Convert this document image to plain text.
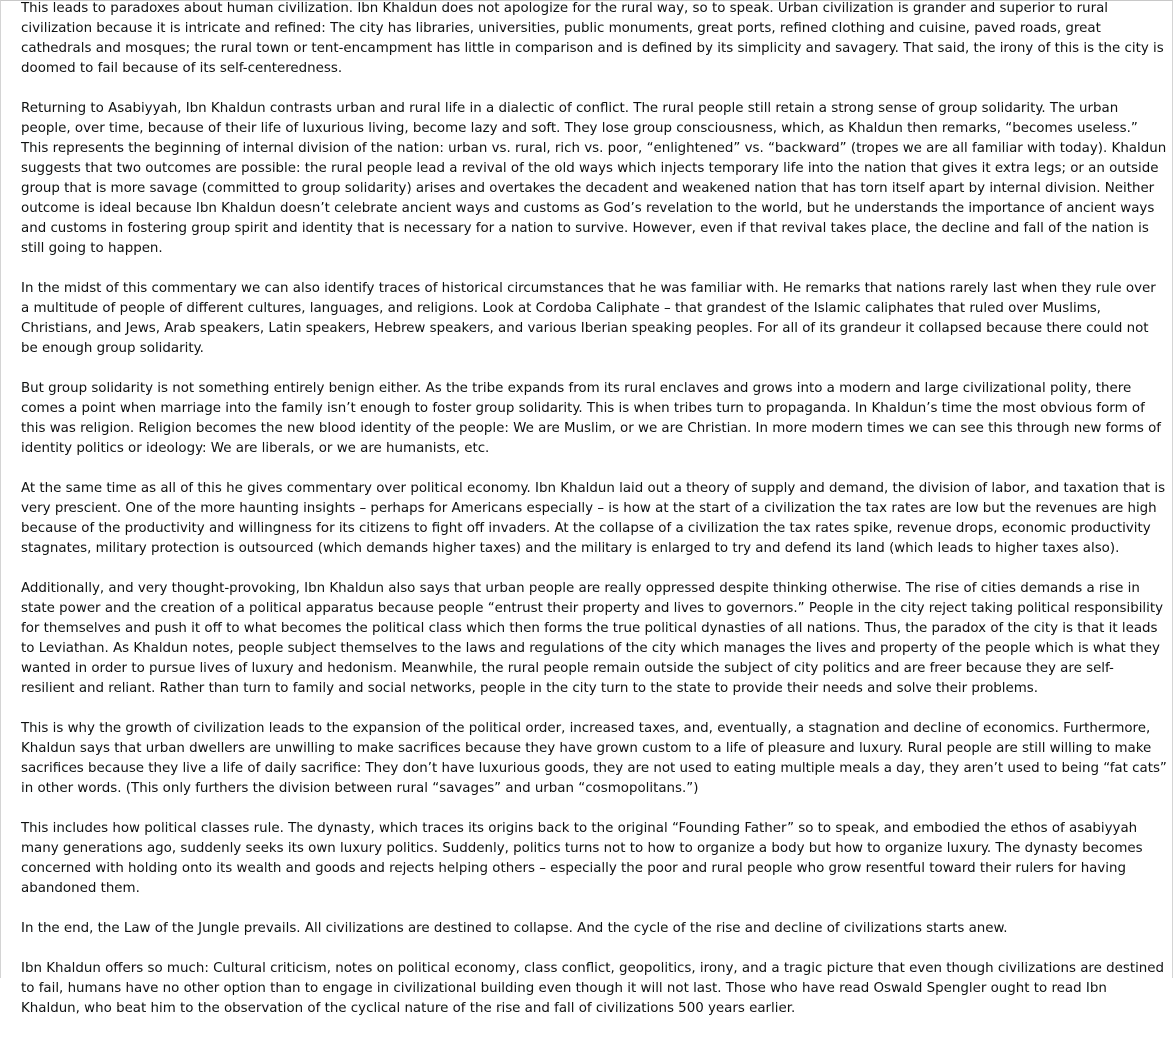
This leads to paradoxes about human civilization. Ibn Khaldun does not apologize for the rural way, so to speak. Urban civilization is grander and superior to rural civilization because it is intricate and refined: The city has libraries, universities, public monuments, great ports, refined clothing and cuisine, paved roads, great cathedrals and mosques; the rural town or tent-encampment has little in comparison and is defined by its simplicity and savagery. That said, the irony of this is the city is doomed to fail because of its self-centeredness.

Returning to Asabiyyah, Ibn Khaldun contrasts urban and rural life in a dialectic of conflict. The rural people still retain a strong sense of group solidarity. The urban people, over time, because of their life of luxurious living, become lazy and soft. They lose group consciousness, which, as Khaldun then remarks, “becomes useless.” This represents the beginning of internal division of the nation: urban vs. rural, rich vs. poor, “enlightened” vs. “backward” (tropes we are all familiar with today). Khaldun suggests that two outcomes are possible: the rural people lead a revival of the old ways which injects temporary life into the nation that gives it extra legs; or an outside group that is more savage (committed to group solidarity) arises and overtakes the decadent and weakened nation that has torn itself apart by internal division. Neither outcome is ideal because Ibn Khaldun doesn’t celebrate ancient ways and customs as God’s revelation to the world, but he understands the importance of ancient ways and customs in fostering group spirit and identity that is necessary for a nation to survive. However, even if that revival takes place, the decline and fall of the nation is still going to happen.

In the midst of this commentary we can also identify traces of historical circumstances that he was familiar with. He remarks that nations rarely last when they rule over a multitude of people of different cultures, languages, and religions. Look at Cordoba Caliphate – that grandest of the Islamic caliphates that ruled over Muslims, Christians, and Jews, Arab speakers, Latin speakers, Hebrew speakers, and various Iberian speaking peoples. For all of its grandeur it collapsed because there could not be enough group solidarity.

But group solidarity is not something entirely benign either. As the tribe expands from its rural enclaves and grows into a modern and large civilizational polity, there comes a point when marriage into the family isn’t enough to foster group solidarity. This is when tribes turn to propaganda. In Khaldun’s time the most obvious form of this was religion. Religion becomes the new blood identity of the people: We are Muslim, or we are Christian. In more modern times we can see this through new forms of identity politics or ideology: We are liberals, or we are humanists, etc.

At the same time as all of this he gives commentary over political economy. Ibn Khaldun laid out a theory of supply and demand, the division of labor, and taxation that is very prescient. One of the more haunting insights – perhaps for Americans especially – is how at the start of a civilization the tax rates are low but the revenues are high because of the productivity and willingness for its citizens to fight off invaders. At the collapse of a civilization the tax rates spike, revenue drops, economic productivity stagnates, military protection is outsourced (which demands higher taxes) and the military is enlarged to try and defend its land (which leads to higher taxes also).

Additionally, and very thought-provoking, Ibn Khaldun also says that urban people are really oppressed despite thinking otherwise. The rise of cities demands a rise in state power and the creation of a political apparatus because people “entrust their property and lives to governors.” People in the city reject taking political responsibility for themselves and push it off to what becomes the political class which then forms the true political dynasties of all nations. Thus, the paradox of the city is that it leads to Leviathan. As Khaldun notes, people subject themselves to the laws and regulations of the city which manages the lives and property of the people which is what they wanted in order to pursue lives of luxury and hedonism. Meanwhile, the rural people remain outside the subject of city politics and are freer because they are self-resilient and reliant. Rather than turn to family and social networks, people in the city turn to the state to provide their needs and solve their problems.

This is why the growth of civilization leads to the expansion of the political order, increased taxes, and, eventually, a stagnation and decline of economics. Furthermore, Khaldun says that urban dwellers are unwilling to make sacrifices because they have grown custom to a life of pleasure and luxury. Rural people are still willing to make sacrifices because they live a life of daily sacrifice: They don’t have luxurious goods, they are not used to eating multiple meals a day, they aren’t used to being “fat cats” in other words. (This only furthers the division between rural “savages” and urban “cosmopolitans.”)

This includes how political classes rule. The dynasty, which traces its origins back to the original “Founding Father” so to speak, and embodied the ethos of asabiyyah many generations ago, suddenly seeks its own luxury politics. Suddenly, politics turns not to how to organize a body but how to organize luxury. The dynasty becomes concerned with holding onto its wealth and goods and rejects helping others – especially the poor and rural people who grow resentful toward their rulers for having abandoned them.

In the end, the Law of the Jungle prevails. All civilizations are destined to collapse. And the cycle of the rise and decline of civilizations starts anew.

Ibn Khaldun offers so much: Cultural criticism, notes on political economy, class conflict, geopolitics, irony, and a tragic picture that even though civilizations are destined to fail, humans have no other option than to engage in civilizational building even though it will not last. Those who have read Oswald Spengler ought to read Ibn Khaldun, who beat him to the observation of the cyclical nature of the rise and fall of civilizations 500 years earlier.
